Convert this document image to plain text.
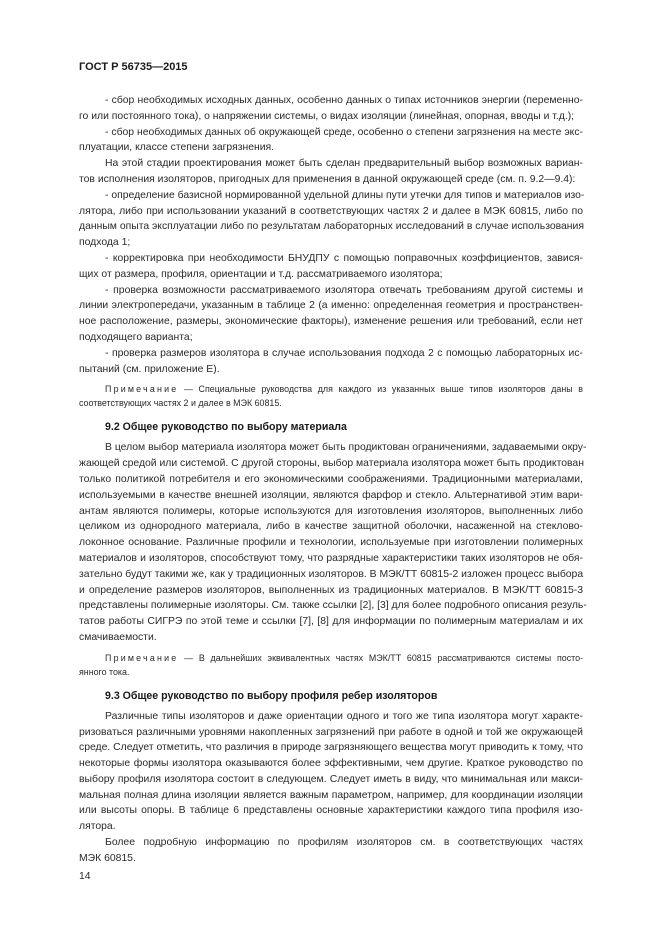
ГОСТ Р 56735—2015
- сбор необходимых исходных данных, особенно данных о типах источников энергии (переменно-
го или постоянного тока), о напряжении системы, о видах изоляции (линейная, опорная, вводы и т.д.);
- сбор необходимых данных об окружающей среде, особенно о степени загрязнения на месте экс-
плуатации, классе степени загрязнения.
На этой стадии проектирования может быть сделан предварительный выбор возможных вариан-
тов исполнения изоляторов, пригодных для применения в данной окружающей среде (см. п. 9.2—9.4):
- определение базисной нормированной удельной длины пути утечки для типов и материалов изо-
лятора, либо при использовании указаний в соответствующих частях 2 и далее в МЭК 60815, либо по
данным опыта эксплуатации либо по результатам лабораторных исследований в случае использования
подхода 1;
- корректировка при необходимости БНУДПУ с помощью поправочных коэффициентов, завися-
щих от размера, профиля, ориентации и т.д. рассматриваемого изолятора;
- проверка возможности рассматриваемого изолятора отвечать требованиям другой системы и
линии электропередачи, указанным в таблице 2 (а именно: определенная геометрия и пространствен-
ное расположение, размеры, экономические факторы), изменение решения или требований, если нет
подходящего варианта;
- проверка размеров изолятора в случае использования подхода 2 с помощью лабораторных ис-
пытаний (см. приложение Е).
Примечание — Специальные руководства для каждого из указанных выше типов изоляторов даны в
соответствующих частях 2 и далее в МЭК 60815.
9.2 Общее руководство по выбору материала
В целом выбор материала изолятора может быть продиктован ограничениями, задаваемыми окру-
жающей средой или системой. С другой стороны, выбор материала изолятора может быть продиктован
только политикой потребителя и его экономическими соображениями. Традиционными материалами,
используемыми в качестве внешней изоляции, являются фарфор и стекло. Альтернативой этим вари-
антам являются полимеры, которые используются для изготовления изоляторов, выполненных либо
целиком из однородного материала, либо в качестве защитной оболочки, насаженной на стеклово-
локонное основание. Различные профили и технологии, используемые при изготовлении полимерных
материалов и изоляторов, способствуют тому, что разрядные характеристики таких изоляторов не обя-
зательно будут такими же, как у традиционных изоляторов. В МЭК/ТТ 60815-2 изложен процесс выбора
и определение размеров изоляторов, выполненных из традиционных материалов. В МЭК/ТТ 60815-3
представлены полимерные изоляторы. См. также ссылки [2], [3] для более подробного описания резуль-
татов работы СИГРЭ по этой теме и ссылки [7], [8] для информации по полимерным материалам и их
смачиваемости.
Примечание — В дальнейших эквивалентных частях МЭК/ТТ 60815 рассматриваются системы посто-
янного тока.
9.3 Общее руководство по выбору профиля ребер изоляторов
Различные типы изоляторов и даже ориентации одного и того же типа изолятора могут характе-
ризоваться различными уровнями накопленных загрязнений при работе в одной и той же окружающей
среде. Следует отметить, что различия в природе загрязняющего вещества могут приводить к тому, что
некоторые формы изолятора оказываются более эффективными, чем другие. Краткое руководство по
выбору профиля изолятора состоит в следующем. Следует иметь в виду, что минимальная или макси-
мальная полная длина изоляции является важным параметром, например, для координации изоляции
или высоты опоры. В таблице 6 представлены основные характеристики каждого типа профиля изо-
лятора.
Более подробную информацию по профилям изоляторов см. в соответствующих частях
МЭК 60815.
14
